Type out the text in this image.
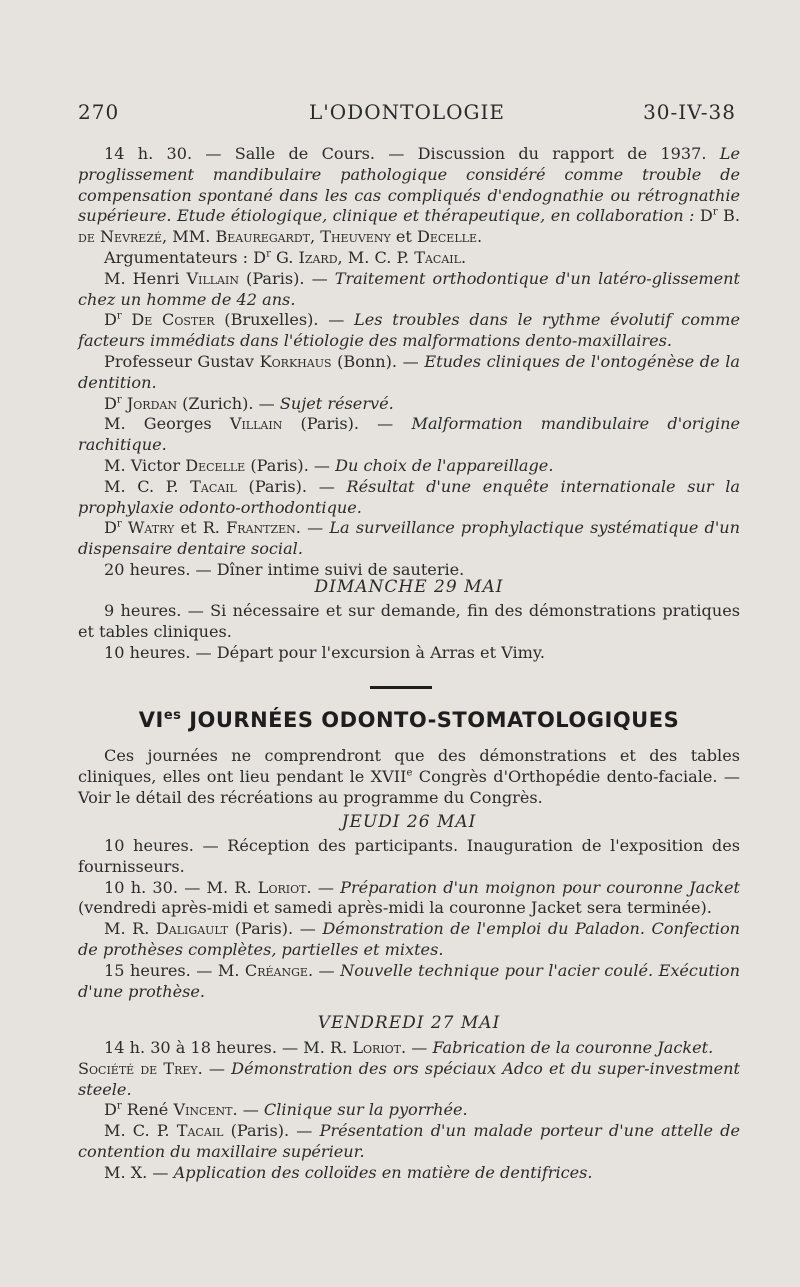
270	L'ODONTOLOGIE	30-IV-38
14 h. 30. — Salle de Cours. — Discussion du rapport de 1937. Le proglissement mandibulaire pathologique considéré comme trouble de compensation spontané dans les cas compliqués d'endognathie ou rétrognathie supérieure. Etude étiologique, clinique et thérapeutique, en collaboration : $D^r$ B. de Nevrezé, MM. Beauregardt, Theuveny et Decelle.
Argumentateurs : $D^r$ G. Izard, M. C. P. Tacail.
M. Henri Villain (Paris). — Traitement orthodontique d'un latéro-glissement chez un homme de 42 ans.
$D^r$ De Coster (Bruxelles). — Les troubles dans le rythme évolutif comme facteurs immédiats dans l'étiologie des malformations dento-maxillaires.
Professeur Gustav Korkhaus (Bonn). — Etudes cliniques de l'ontogénèse de la dentition.
$D^r$ Jordan (Zurich). — Sujet réservé.
M. Georges Villain (Paris). — Malformation mandibulaire d'origine rachitique.
M. Victor Decelle (Paris). — Du choix de l'appareillage.
M. C. P. Tacail (Paris). — Résultat d'une enquête internationale sur la prophylaxie odonto-orthodontique.
$D^r$ Watry et R. Frantzen. — La surveillance prophylactique systématique d'un dispensaire dentaire social.
20 heures. — Dîner intime suivi de sauterie.
DIMANCHE 29 MAI
9 heures. — Si nécessaire et sur demande, fin des démonstrations pratiques et tables cliniques.
10 heures. — Départ pour l'excursion à Arras et Vimy.
$VI^{es}$ JOURNÉES ODONTO-STOMATOLOGIQUES
Ces journées ne comprendront que des démonstrations et des tables cliniques, elles ont lieu pendant le XVIIe Congrès d'Orthopédie dento-faciale. — Voir le détail des récréations au programme du Congrès.
JEUDI 26 MAI
10 heures. — Réception des participants. Inauguration de l'exposition des fournisseurs.
10 h. 30. — M. R. Loriot. — Préparation d'un moignon pour couronne Jacket (vendredi après-midi et samedi après-midi la couronne Jacket sera terminée).
M. R. Daligault (Paris). — Démonstration de l'emploi du Paladon. Confection de prothèses complètes, partielles et mixtes.
15 heures. — M. Créange. — Nouvelle technique pour l'acier coulé. Exécution d'une prothèse.
VENDREDI 27 MAI
14 h. 30 à 18 heures. — M. R. Loriot. — Fabrication de la couronne Jacket.
Société de Trey. — Démonstration des ors spéciaux Adco et du super-investment steele.
$D^r$ René Vincent. — Clinique sur la pyorrhée.
M. C. P. Tacail (Paris). — Présentation d'un malade porteur d'une attelle de contention du maxillaire supérieur.
M. X. — Application des colloïdes en matière de dentifrices.
